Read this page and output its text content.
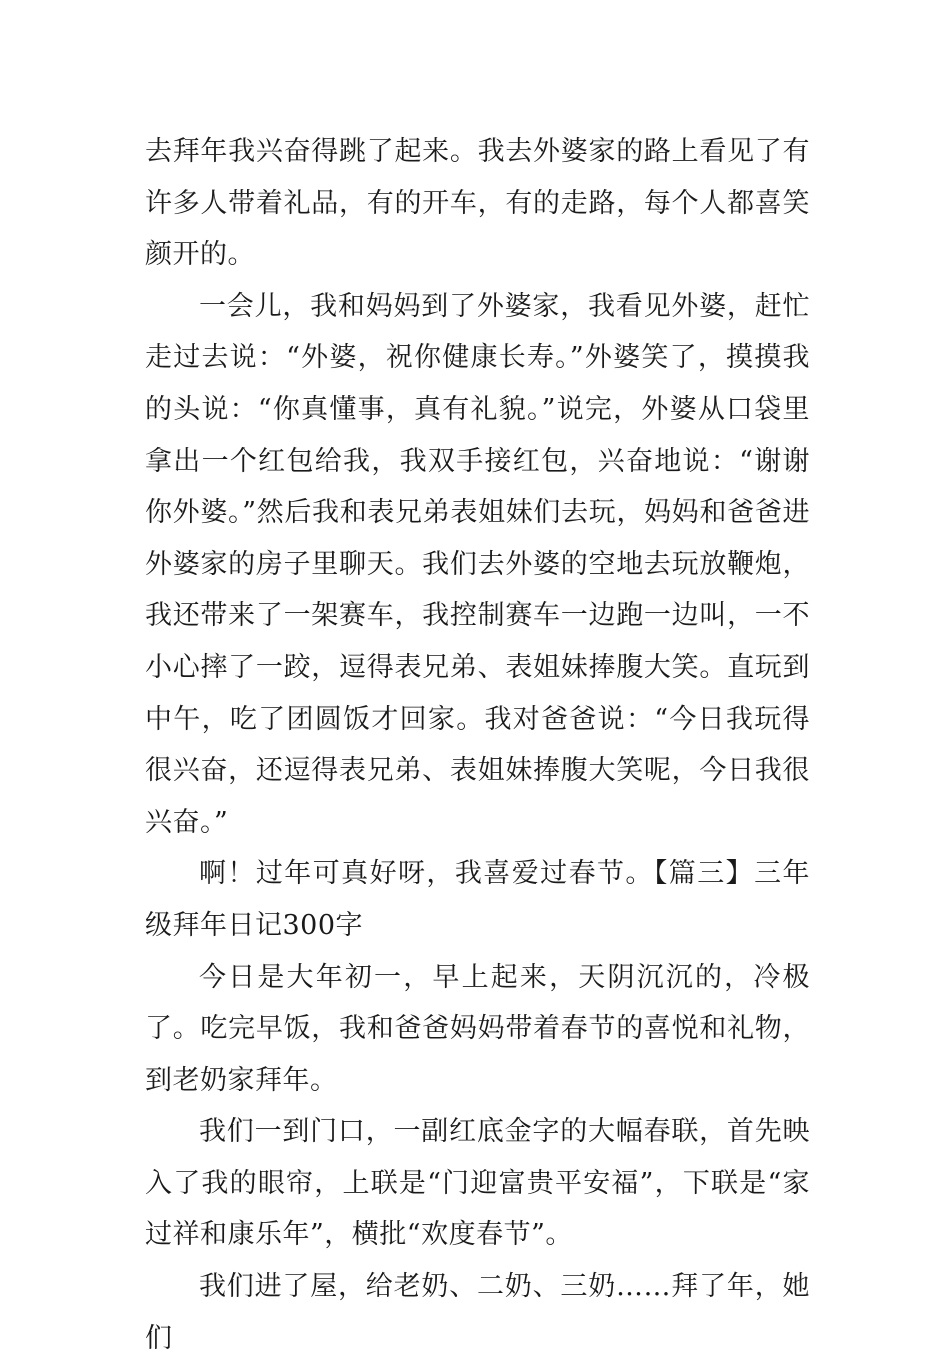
去拜年我兴奋得跳了起来。我去外婆家的路上看见了有许多人带着礼品，有的开车，有的走路，每个人都喜笑颜开的。

一会儿，我和妈妈到了外婆家，我看见外婆，赶忙走过去说：“外婆，祝你健康长寿。”外婆笑了，摸摸我的头说：“你真懂事，真有礼貌。”说完，外婆从口袋里拿出一个红包给我，我双手接红包，兴奋地说：“谢谢你外婆。”然后我和表兄弟表姐妹们去玩，妈妈和爸爸进外婆家的房子里聊天。我们去外婆的空地去玩放鞭炮，我还带来了一架赛车，我控制赛车一边跑一边叫，一不小心摔了一跤，逗得表兄弟、表姐妹捧腹大笑。直玩到中午，吃了团圆饭才回家。我对爸爸说：“今日我玩得很兴奋，还逗得表兄弟、表姐妹捧腹大笑呢，今日我很兴奋。”

啊！过年可真好呀，我喜爱过春节。【篇三】三年级拜年日记300字

今日是大年初一，早上起来，天阴沉沉的，冷极了。吃完早饭，我和爸爸妈妈带着春节的喜悦和礼物，到老奶家拜年。

我们一到门口，一副红底金字的大幅春联，首先映入了我的眼帘，上联是“门迎富贵平安福”，下联是“家过祥和康乐年”，横批“欢度春节”。

我们进了屋，给老奶、二奶、三奶……拜了年，她们
